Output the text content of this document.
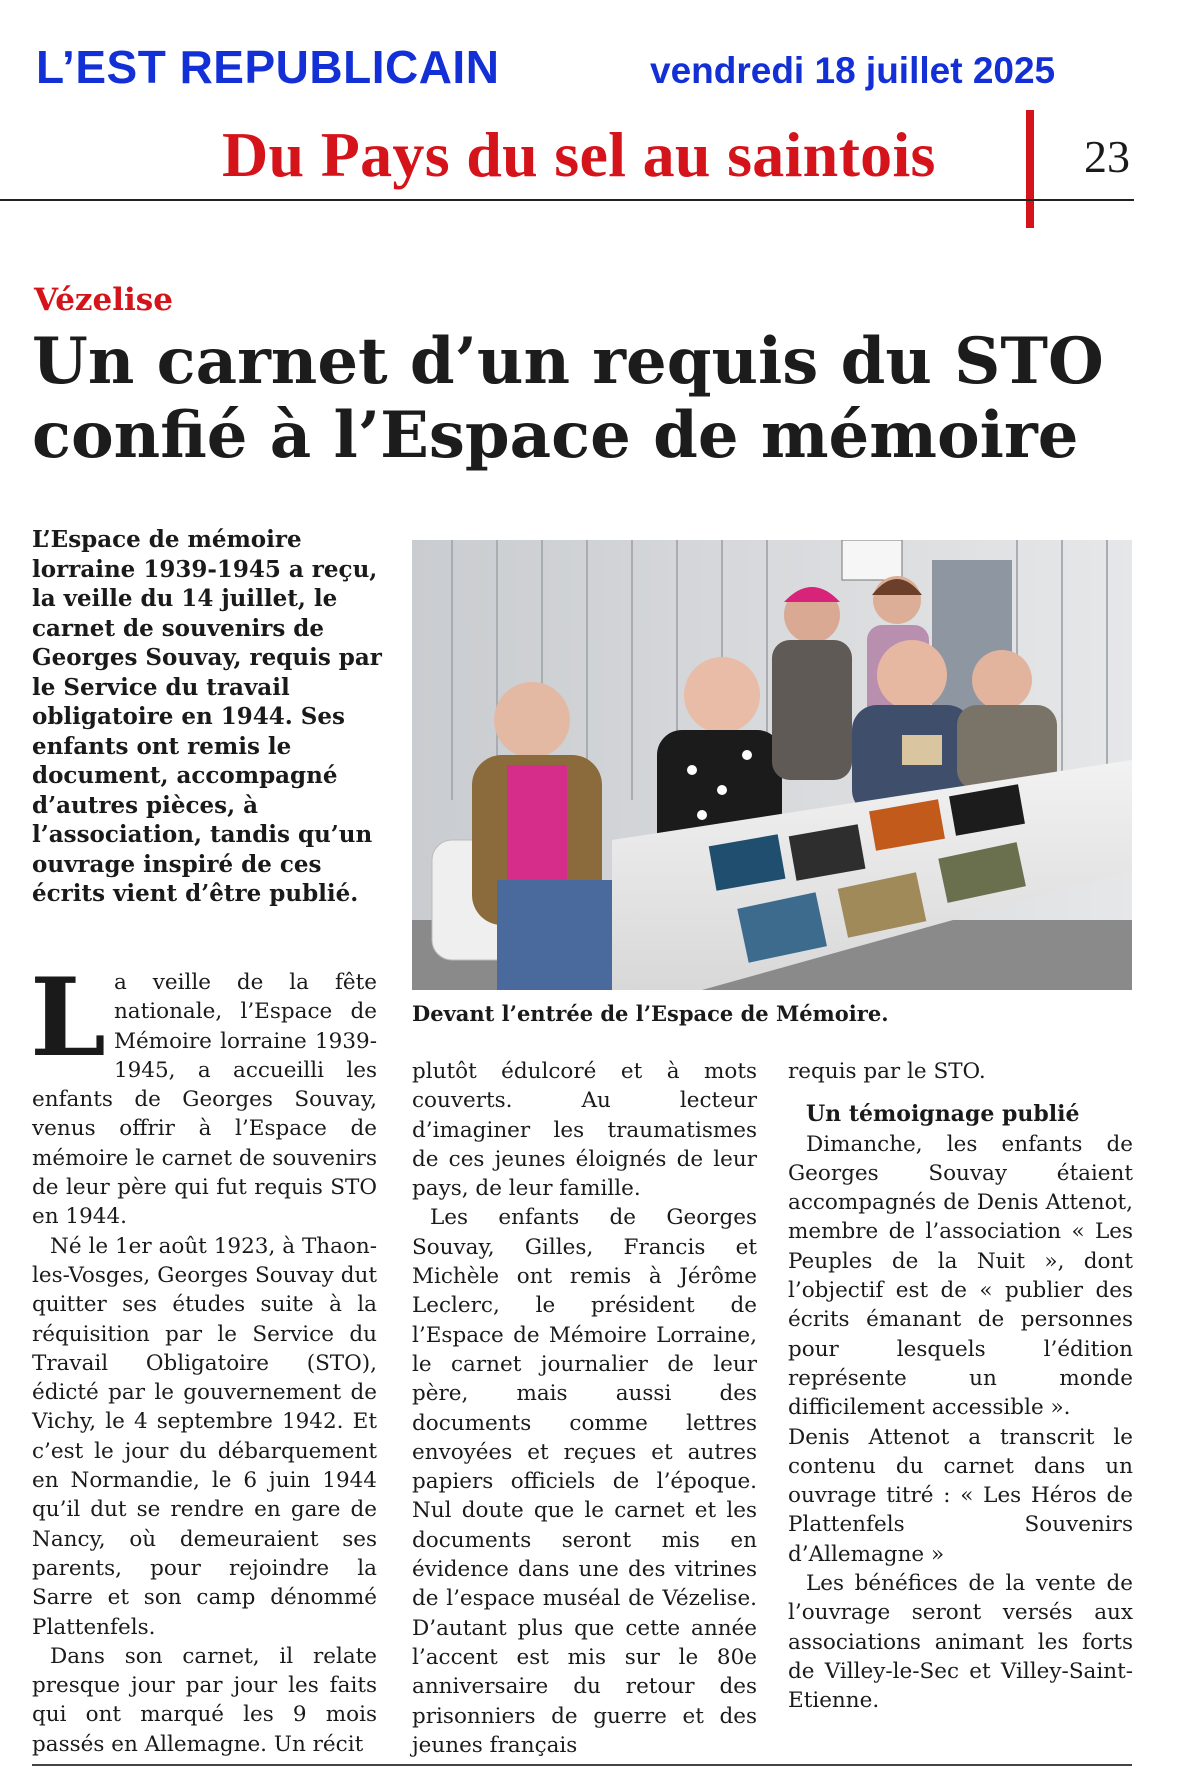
L’EST REPUBLICAIN	vendredi 18 juillet 2025
Du Pays du sel au saintois	23
Vézelise
Un carnet d’un requis du STO
confié à l’Espace de mémoire
L’Espace de mémoire lorraine 1939-1945 a reçu, la veille du 14 juillet, le carnet de souvenirs de Georges Souvay, requis par le Service du travail obligatoire en 1944. Ses enfants ont remis le document, accompagné d’autres pièces, à l’association, tandis qu’un ouvrage inspiré de ces écrits vient d’être publié.
Devant l’entrée de l’Espace de Mémoire.

La veille de la fête nationale, l’Espace de Mémoire lorraine 1939-1945, a accueilli les enfants de Georges Souvay, venus offrir à l’Espace de mémoire le carnet de souvenirs de leur père qui fut requis STO en 1944.

Né le 1er août 1923, à Thaon-les-Vosges, Georges Souvay dut quitter ses études suite à la réquisition par le Service du Travail Obligatoire (STO), édicté par le gouvernement de Vichy, le 4 septembre 1942. Et c’est le jour du débarquement en Normandie, le 6 juin 1944 qu’il dut se rendre en gare de Nancy, où demeuraient ses parents, pour rejoindre la Sarre et son camp dénommé Plattenfels.

Dans son carnet, il relate presque jour par jour les faits qui ont marqué les 9 mois passés en Allemagne. Un récit

plutôt édulcoré et à mots couverts. Au lecteur d’imaginer les traumatismes de ces jeunes éloignés de leur pays, de leur famille.

Les enfants de Georges Souvay, Gilles, Francis et Michèle ont remis à Jérôme Leclerc, le président de l’Espace de Mémoire Lorraine, le carnet journalier de leur père, mais aussi des documents comme lettres envoyées et reçues et autres papiers officiels de l’époque. Nul doute que le carnet et les documents seront mis en évidence dans une des vitrines de l’espace muséal de Vézelise. D’autant plus que cette année l’accent est mis sur le 80e anniversaire du retour des prisonniers de guerre et des jeunes français

requis par le STO.

Un témoignage publié

Dimanche, les enfants de Georges Souvay étaient accompagnés de Denis Attenot, membre de l’association « Les Peuples de la Nuit », dont l’objectif est de « publier des écrits émanant de personnes pour lesquels l’édition représente un monde difficilement accessible ».

Denis Attenot a transcrit le contenu du carnet dans un ouvrage titré : « Les Héros de Plattenfels Souvenirs d’Allemagne »

Les bénéfices de la vente de l’ouvrage seront versés aux associations animant les forts de Villey-le-Sec et Villey-Saint-Etienne.
